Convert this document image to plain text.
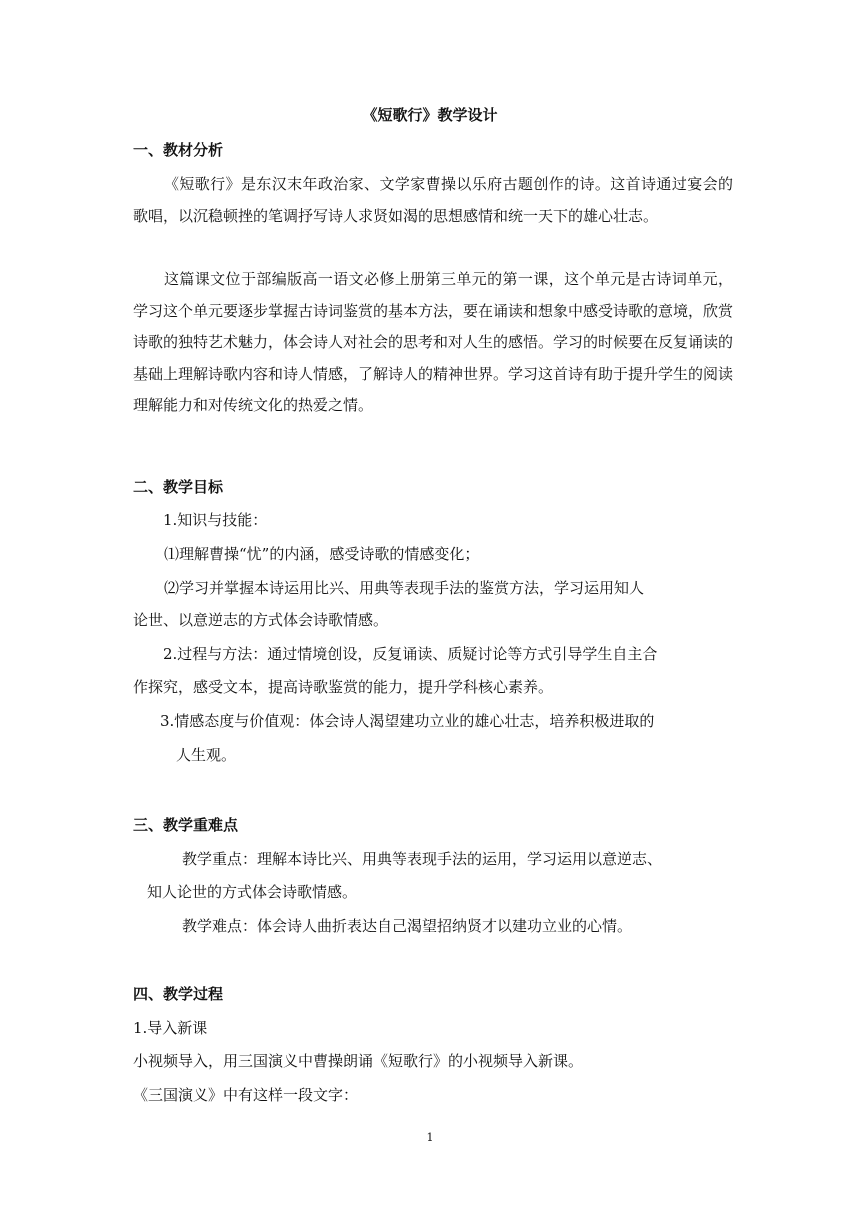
《短歌行》教学设计
一、教材分析
《短歌行》是东汉末年政治家、文学家曹操以乐府古题创作的诗。这首诗通过宴会的歌唱，以沉稳顿挫的笔调抒写诗人求贤如渴的思想感情和统一天下的雄心壮志。
这篇课文位于部编版高一语文必修上册第三单元的第一课，这个单元是古诗词单元，学习这个单元要逐步掌握古诗词鉴赏的基本方法，要在诵读和想象中感受诗歌的意境，欣赏诗歌的独特艺术魅力，体会诗人对社会的思考和对人生的感悟。学习的时候要在反复诵读的基础上理解诗歌内容和诗人情感，了解诗人的精神世界。学习这首诗有助于提升学生的阅读理解能力和对传统文化的热爱之情。
二、教学目标
1.知识与技能：
⑴理解曹操“忧”的内涵，感受诗歌的情感变化；
⑵学习并掌握本诗运用比兴、用典等表现手法的鉴赏方法，学习运用知人
论世、以意逆志的方式体会诗歌情感。
2.过程与方法：通过情境创设，反复诵读、质疑讨论等方式引导学生自主合
作探究，感受文本，提高诗歌鉴赏的能力，提升学科核心素养。
3.情感态度与价值观：体会诗人渴望建功立业的雄心壮志，培养积极进取的
人生观。
三、教学重难点
教学重点：理解本诗比兴、用典等表现手法的运用，学习运用以意逆志、
知人论世的方式体会诗歌情感。
教学难点：体会诗人曲折表达自己渴望招纳贤才以建功立业的心情。
四、教学过程
1.导入新课
小视频导入，用三国演义中曹操朗诵《短歌行》的小视频导入新课。
《三国演义》中有这样一段文字：
1
